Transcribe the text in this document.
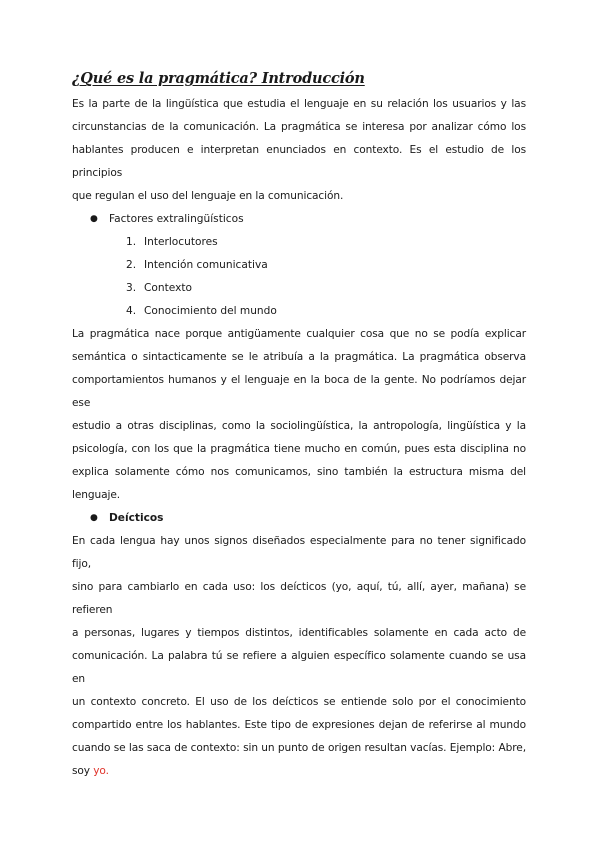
¿Qué es la pragmática? Introducción

Es la parte de la lingüística que estudia el lenguaje en su relación los usuarios y las

circunstancias de la comunicación. La pragmática se interesa por analizar cómo los

hablantes producen e interpretan enunciados en contexto. Es el estudio de los principios

que regulan el uso del lenguaje en la comunicación.

● Factores extralingüísticos
1. Interlocutores
2. Intención comunicativa
3. Contexto
4. Conocimiento del mundo

La pragmática nace porque antigüamente cualquier cosa que no se podía explicar

semántica o sintacticamente se le atribuía a la pragmática. La pragmática observa

comportamientos humanos y el lenguaje en la boca de la gente. No podríamos dejar ese

estudio a otras disciplinas, como la sociolingüística, la antropología, lingüística y la

psicología, con los que la pragmática tiene mucho en común, pues esta disciplina no

explica solamente cómo nos comunicamos, sino también la estructura misma del lenguaje.

● Deícticos

En cada lengua hay unos signos diseñados especialmente para no tener significado fijo,

sino para cambiarlo en cada uso: los deícticos (yo, aquí, tú, allí, ayer, mañana) se refieren

a personas, lugares y tiempos distintos, identificables solamente en cada acto de

comunicación. La palabra tú se refiere a alguien específico solamente cuando se usa en

un contexto concreto. El uso de los deícticos se entiende solo por el conocimiento

compartido entre los hablantes. Este tipo de expresiones dejan de referirse al mundo

cuando se las saca de contexto: sin un punto de origen resultan vacías. Ejemplo: Abre,

soy yo.
